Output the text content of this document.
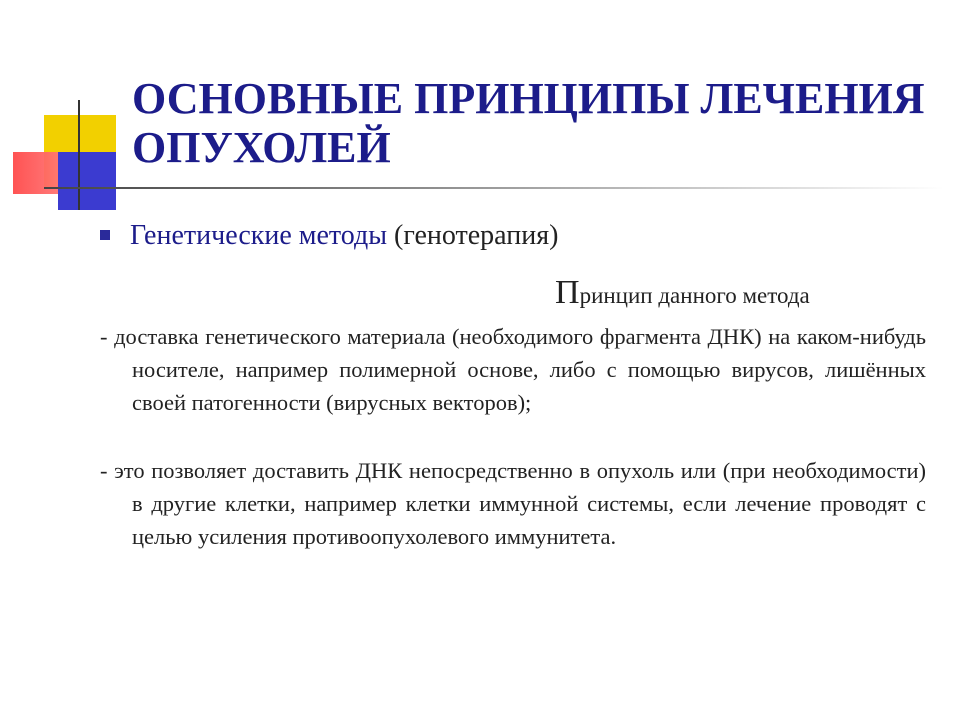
ОСНОВНЫЕ ПРИНЦИПЫ ЛЕЧЕНИЯ ОПУХОЛЕЙ
Генетические методы (генотерапия)
Принцип данного метода

- доставка генетического материала (необходимого фрагмента ДНК) на каком-нибудь носителе, например полимерной основе, либо с помощью вирусов, лишённых своей патогенности (вирусных векторов);

- это позволяет доставить ДНК непосредственно в опухоль или (при необходимости) в другие клетки, например клетки иммунной системы, если лечение проводят с целью усиления противоопухолевого иммунитета.
